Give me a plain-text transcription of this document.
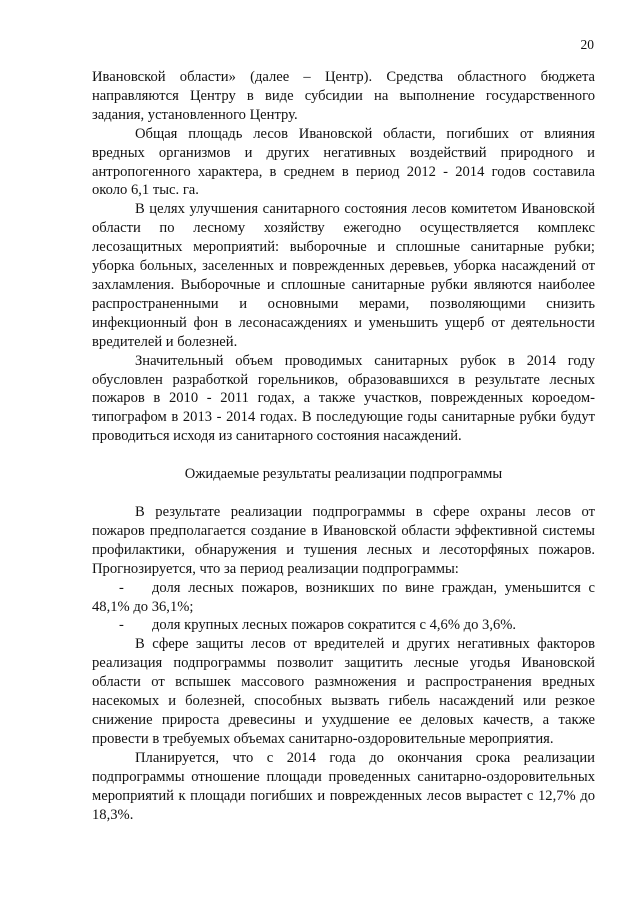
20

Ивановской области» (далее – Центр). Средства областного бюджета направляются Центру в виде субсидии на выполнение государственного задания, установленного Центру.

Общая площадь лесов Ивановской области, погибших от влияния вредных организмов и других негативных воздействий природного и антропогенного характера, в среднем в период 2012 - 2014 годов составила около 6,1 тыс. га.

В целях улучшения санитарного состояния лесов комитетом Ивановской области по лесному хозяйству ежегодно осуществляется комплекс лесозащитных мероприятий: выборочные и сплошные санитарные рубки; уборка больных, заселенных и поврежденных деревьев, уборка насаждений от захламления. Выборочные и сплошные санитарные рубки являются наиболее распространенными и основными мерами, позволяющими снизить инфекционный фон в лесонасаждениях и уменьшить ущерб от деятельности вредителей и болезней.

Значительный объем проводимых санитарных рубок в 2014 году обусловлен разработкой горельников, образовавшихся в результате лесных пожаров в 2010 - 2011 годах, а также участков, поврежденных короедом-типографом в 2013 - 2014 годах. В последующие годы санитарные рубки будут проводиться исходя из санитарного состояния насаждений.

Ожидаемые результаты реализации подпрограммы

В результате реализации подпрограммы в сфере охраны лесов от пожаров предполагается создание в Ивановской области эффективной системы профилактики, обнаружения и тушения лесных и лесоторфяных пожаров. Прогнозируется, что за период реализации подпрограммы:

- доля лесных пожаров, возникших по вине граждан, уменьшится с 48,1% до 36,1%;

- доля крупных лесных пожаров сократится с 4,6% до 3,6%.

В сфере защиты лесов от вредителей и других негативных факторов реализация подпрограммы позволит защитить лесные угодья Ивановской области от вспышек массового размножения и распространения вредных насекомых и болезней, способных вызвать гибель насаждений или резкое снижение прироста древесины и ухудшение ее деловых качеств, а также провести в требуемых объемах санитарно-оздоровительные мероприятия.

Планируется, что с 2014 года до окончания срока реализации подпрограммы отношение площади проведенных санитарно-оздоровительных мероприятий к площади погибших и поврежденных лесов вырастет с 12,7% до 18,3%.
